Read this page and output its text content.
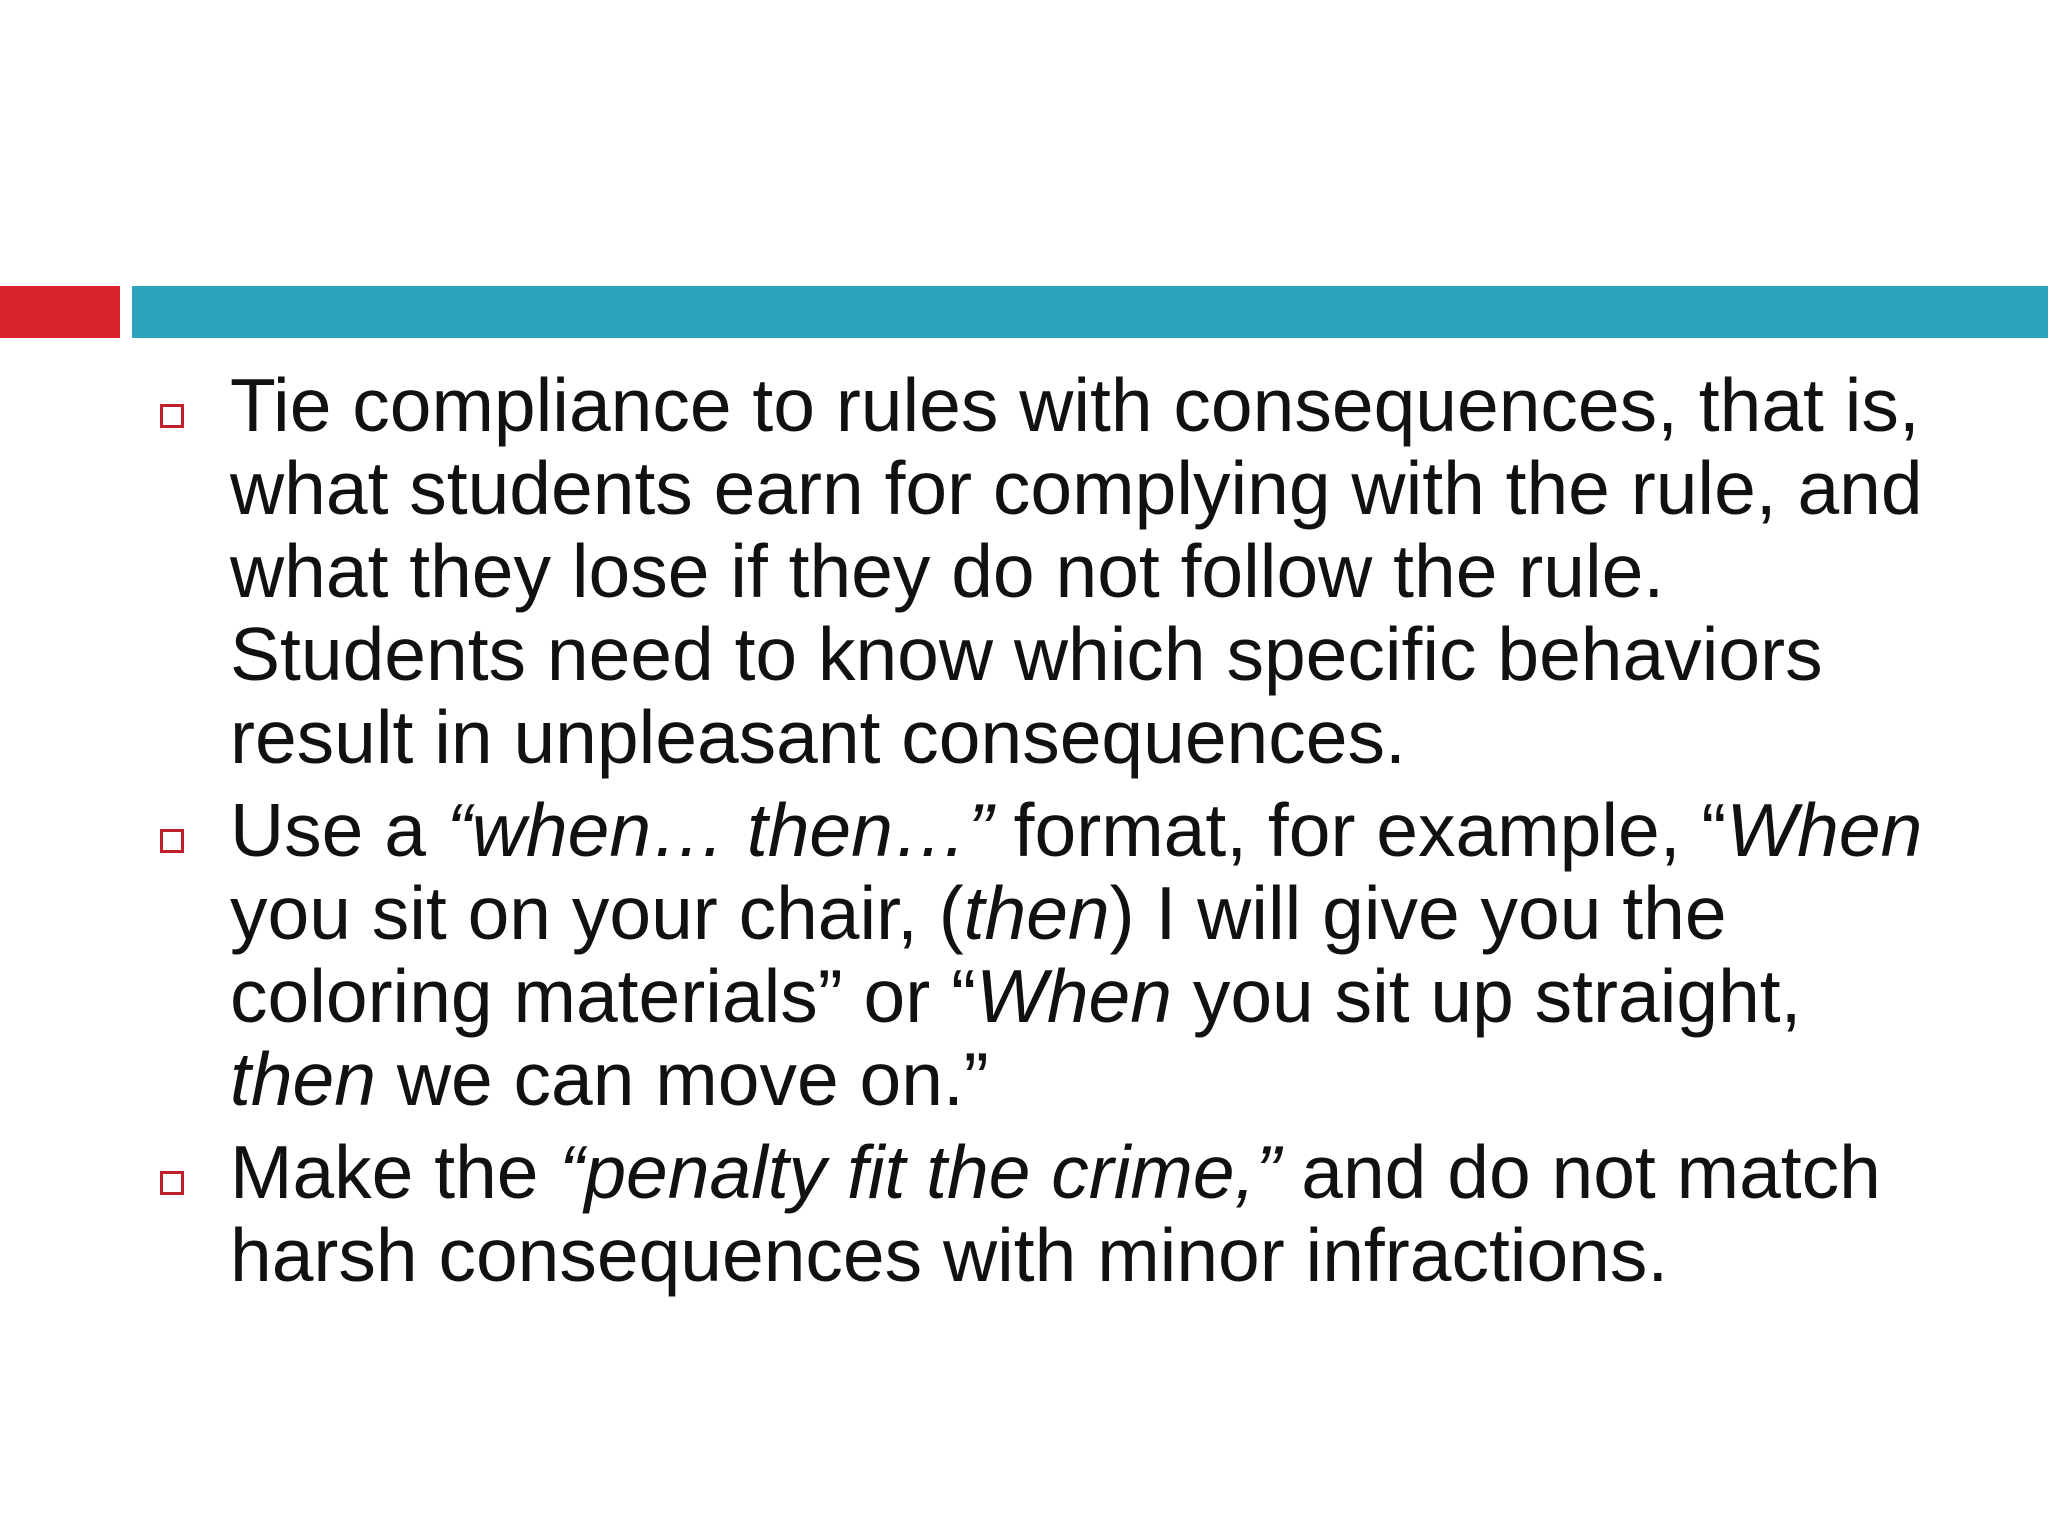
Tie compliance to rules with consequences, that is, what students earn for complying with the rule, and what they lose if they do not follow the rule. Students need to know which specific behaviors result in unpleasant consequences.
Use a “when… then…” format, for example, “When you sit on your chair, (then) I will give you the coloring materials” or “When you sit up straight, then we can move on.”
Make the “penalty fit the crime,” and do not match harsh consequences with minor infractions.
